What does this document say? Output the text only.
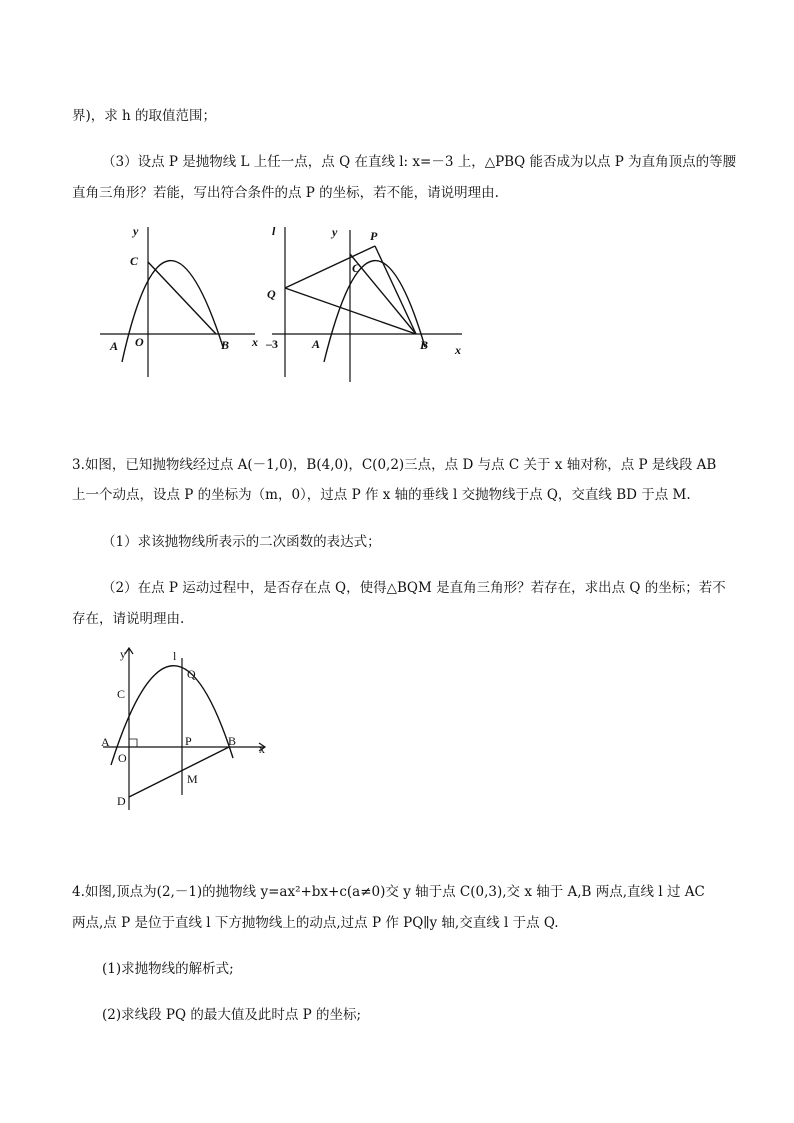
界)，求 h 的取值范围；
（3）设点 P 是抛物线 L 上任一点，点 Q 在直线 l: x=－3 上，△PBQ 能否成为以点 P 为直角顶点的等腰
直角三角形？若能，写出符合条件的点 P 的坐标，若不能，请说明理由.
y
C
A O	B x
l	y	P
C
Q
–3	A	B x
3.如图，已知抛物线经过点 A(－1,0)，B(4,0)，C(0,2)三点，点 D 与点 C 关于 x 轴对称，点 P 是线段 AB
上一个动点，设点 P 的坐标为（m，0），过点 P 作 x 轴的垂线 l 交抛物线于点 Q，交直线 BD 于点 M.
（1）求该抛物线所表示的二次函数的表达式；
（2）在点 P 运动过程中，是否存在点 Q，使得△BQM 是直角三角形？若存在，求出点 Q 的坐标；若不
存在，请说明理由.
y	l
Q
C
A
O
P	B
x
M
D
4.如图,顶点为(2,－1)的抛物线 y=ax²+bx+c(a≠0)交 y 轴于点 C(0,3),交 x 轴于 A,B 两点,直线 l 过 AC
两点,点 P 是位于直线 l 下方抛物线上的动点,过点 P 作 PQ∥y 轴,交直线 l 于点 Q.
(1)求抛物线的解析式;
(2)求线段 PQ 的最大值及此时点 P 的坐标;
